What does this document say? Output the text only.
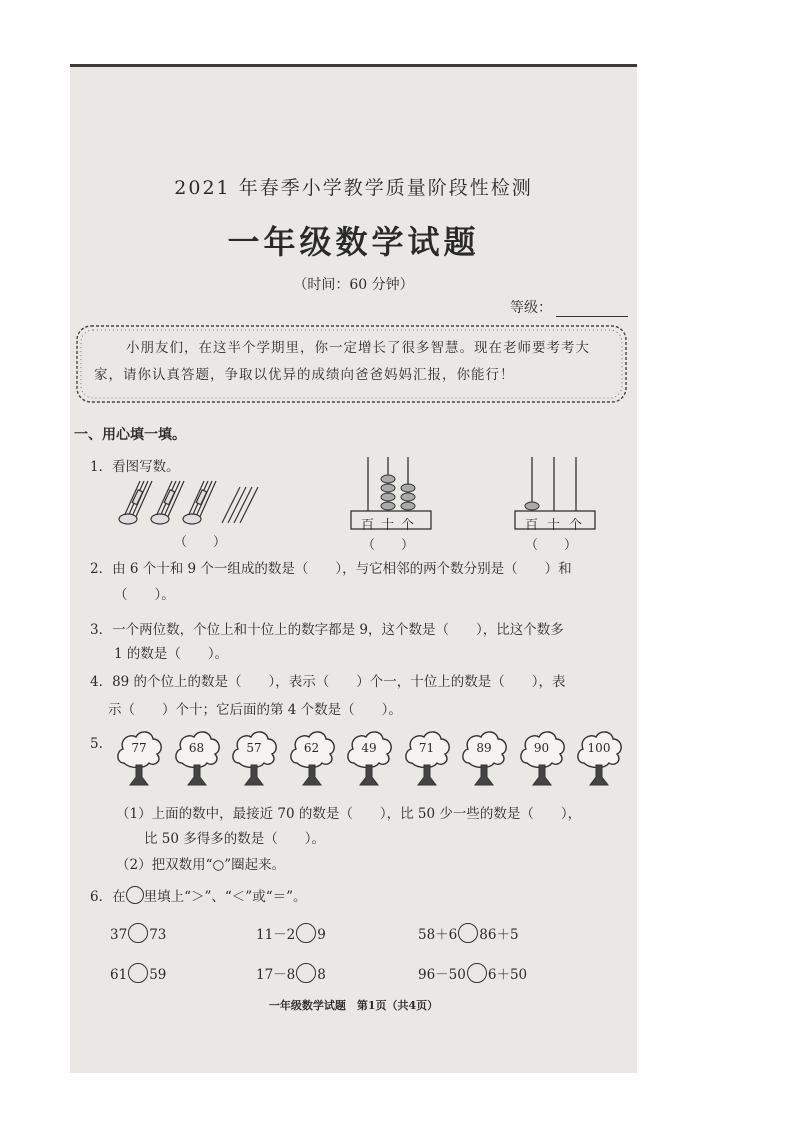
2021 年春季小学教学质量阶段性检测
一年级数学试题
（时间：60 分钟）
等级：
小朋友们，在这半个学期里，你一定增长了很多智慧。现在老师要考考大家，请你认真答题，争取以优异的成绩向爸爸妈妈汇报，你能行！
一、用心填一填。
1．看图写数。
（　　）
百 十 个
（　　）
百 十 个
（　　）
2．由 6 个十和 9 个一组成的数是（　　），与它相邻的两个数分别是（　　）和
（　　）。
3．一个两位数，个位上和十位上的数字都是 9，这个数是（　　），比这个数多
1 的数是（　　）。
4．89 的个位上的数是（　　），表示（　　）个一，十位上的数是（　　），表
示（　　）个十；它后面的第 4 个数是（　　）。
5.	77	68	57	62	49	71	89	90	100
（1）上面的数中，最接近 70 的数是（　　），比 50 少一些的数是（　　），
比 50 多得多的数是（　　）。
（2）把双数用“○”圈起来。
6．在 里填上“＞”、“＜”或“＝”。
37 73	11－2 9	58＋6 86＋5
61 59	17－8 8	96－50 6＋50
一年级数学试题　第1页（共4页）
